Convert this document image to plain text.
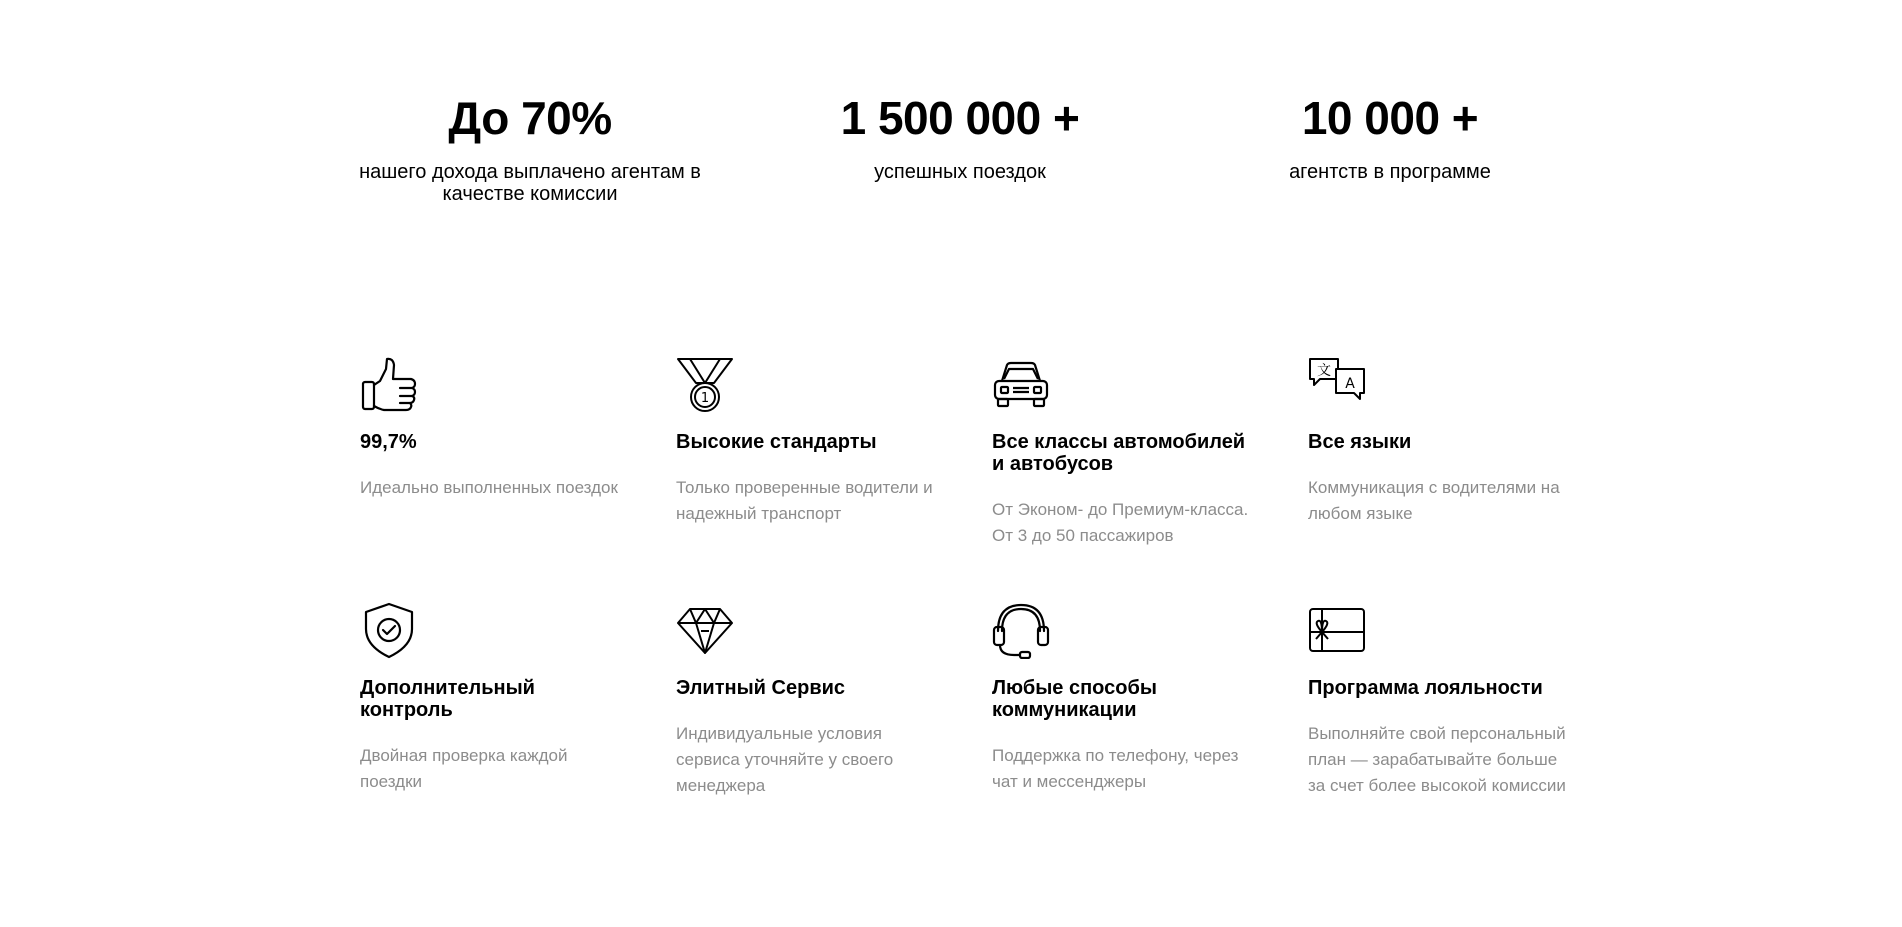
До 70%
нашего дохода выплачено агентам в качестве комиссии
1 500 000 +
успешных поездок
10 000 +
агентств в программе
99,7%
Идеально выполненных поездок
1
Высокие стандарты
Только проверенные водители и надежный транспорт
Все классы автомобилей и автобусов
От Эконом- до Премиум-класса. От 3 до 50 пассажиров
文
A
Все языки
Коммуникация с водителями на любом языке
Дополнительный контроль
Двойная проверка каждой поездки
Элитный Сервис
Индивидуальные условия сервиса уточняйте у своего менеджера
Любые способы коммуникации
Поддержка по телефону, через чат и мессенджеры
Программа лояльности
Выполняйте свой персональный план — зарабатывайте больше за счет более высокой комиссии
